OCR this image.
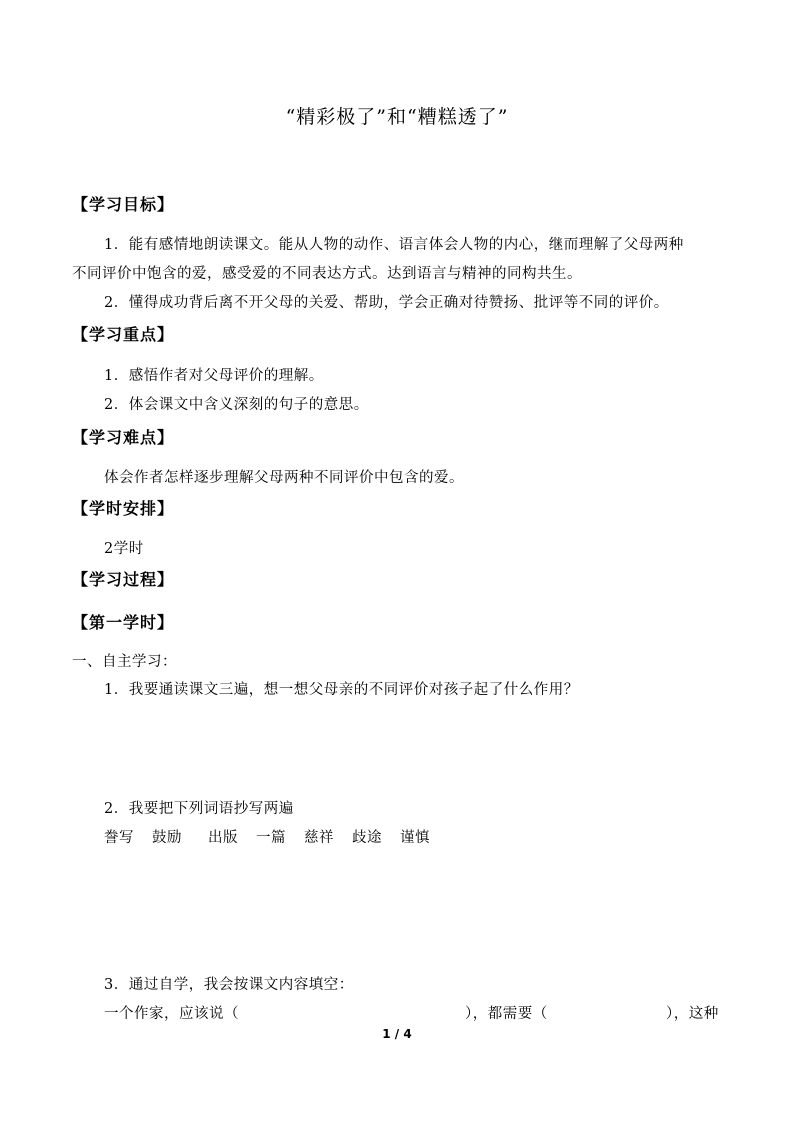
“精彩极了”和“糟糕透了”
【学习目标】
1．能有感情地朗读课文。能从人物的动作、语言体会人物的内心，继而理解了父母两种
不同评价中饱含的爱，感受爱的不同表达方式。达到语言与精神的同构共生。
2．懂得成功背后离不开父母的关爱、帮助，学会正确对待赞扬、批评等不同的评价。
【学习重点】
1．感悟作者对父母评价的理解。
2．体会课文中含义深刻的句子的意思。
【学习难点】
体会作者怎样逐步理解父母两种不同评价中包含的爱。
【学时安排】
2学时
【学习过程】
【第一学时】
一、自主学习：
1．我要通读课文三遍，想一想父母亲的不同评价对孩子起了什么作用？
2．我要把下列词语抄写两遍
誊写 鼓励 出版 一篇 慈祥 歧途 谨慎
3．通过自学，我会按课文内容填空：
一个作家，应该说（	），都需要（	），这种
1 / 4
